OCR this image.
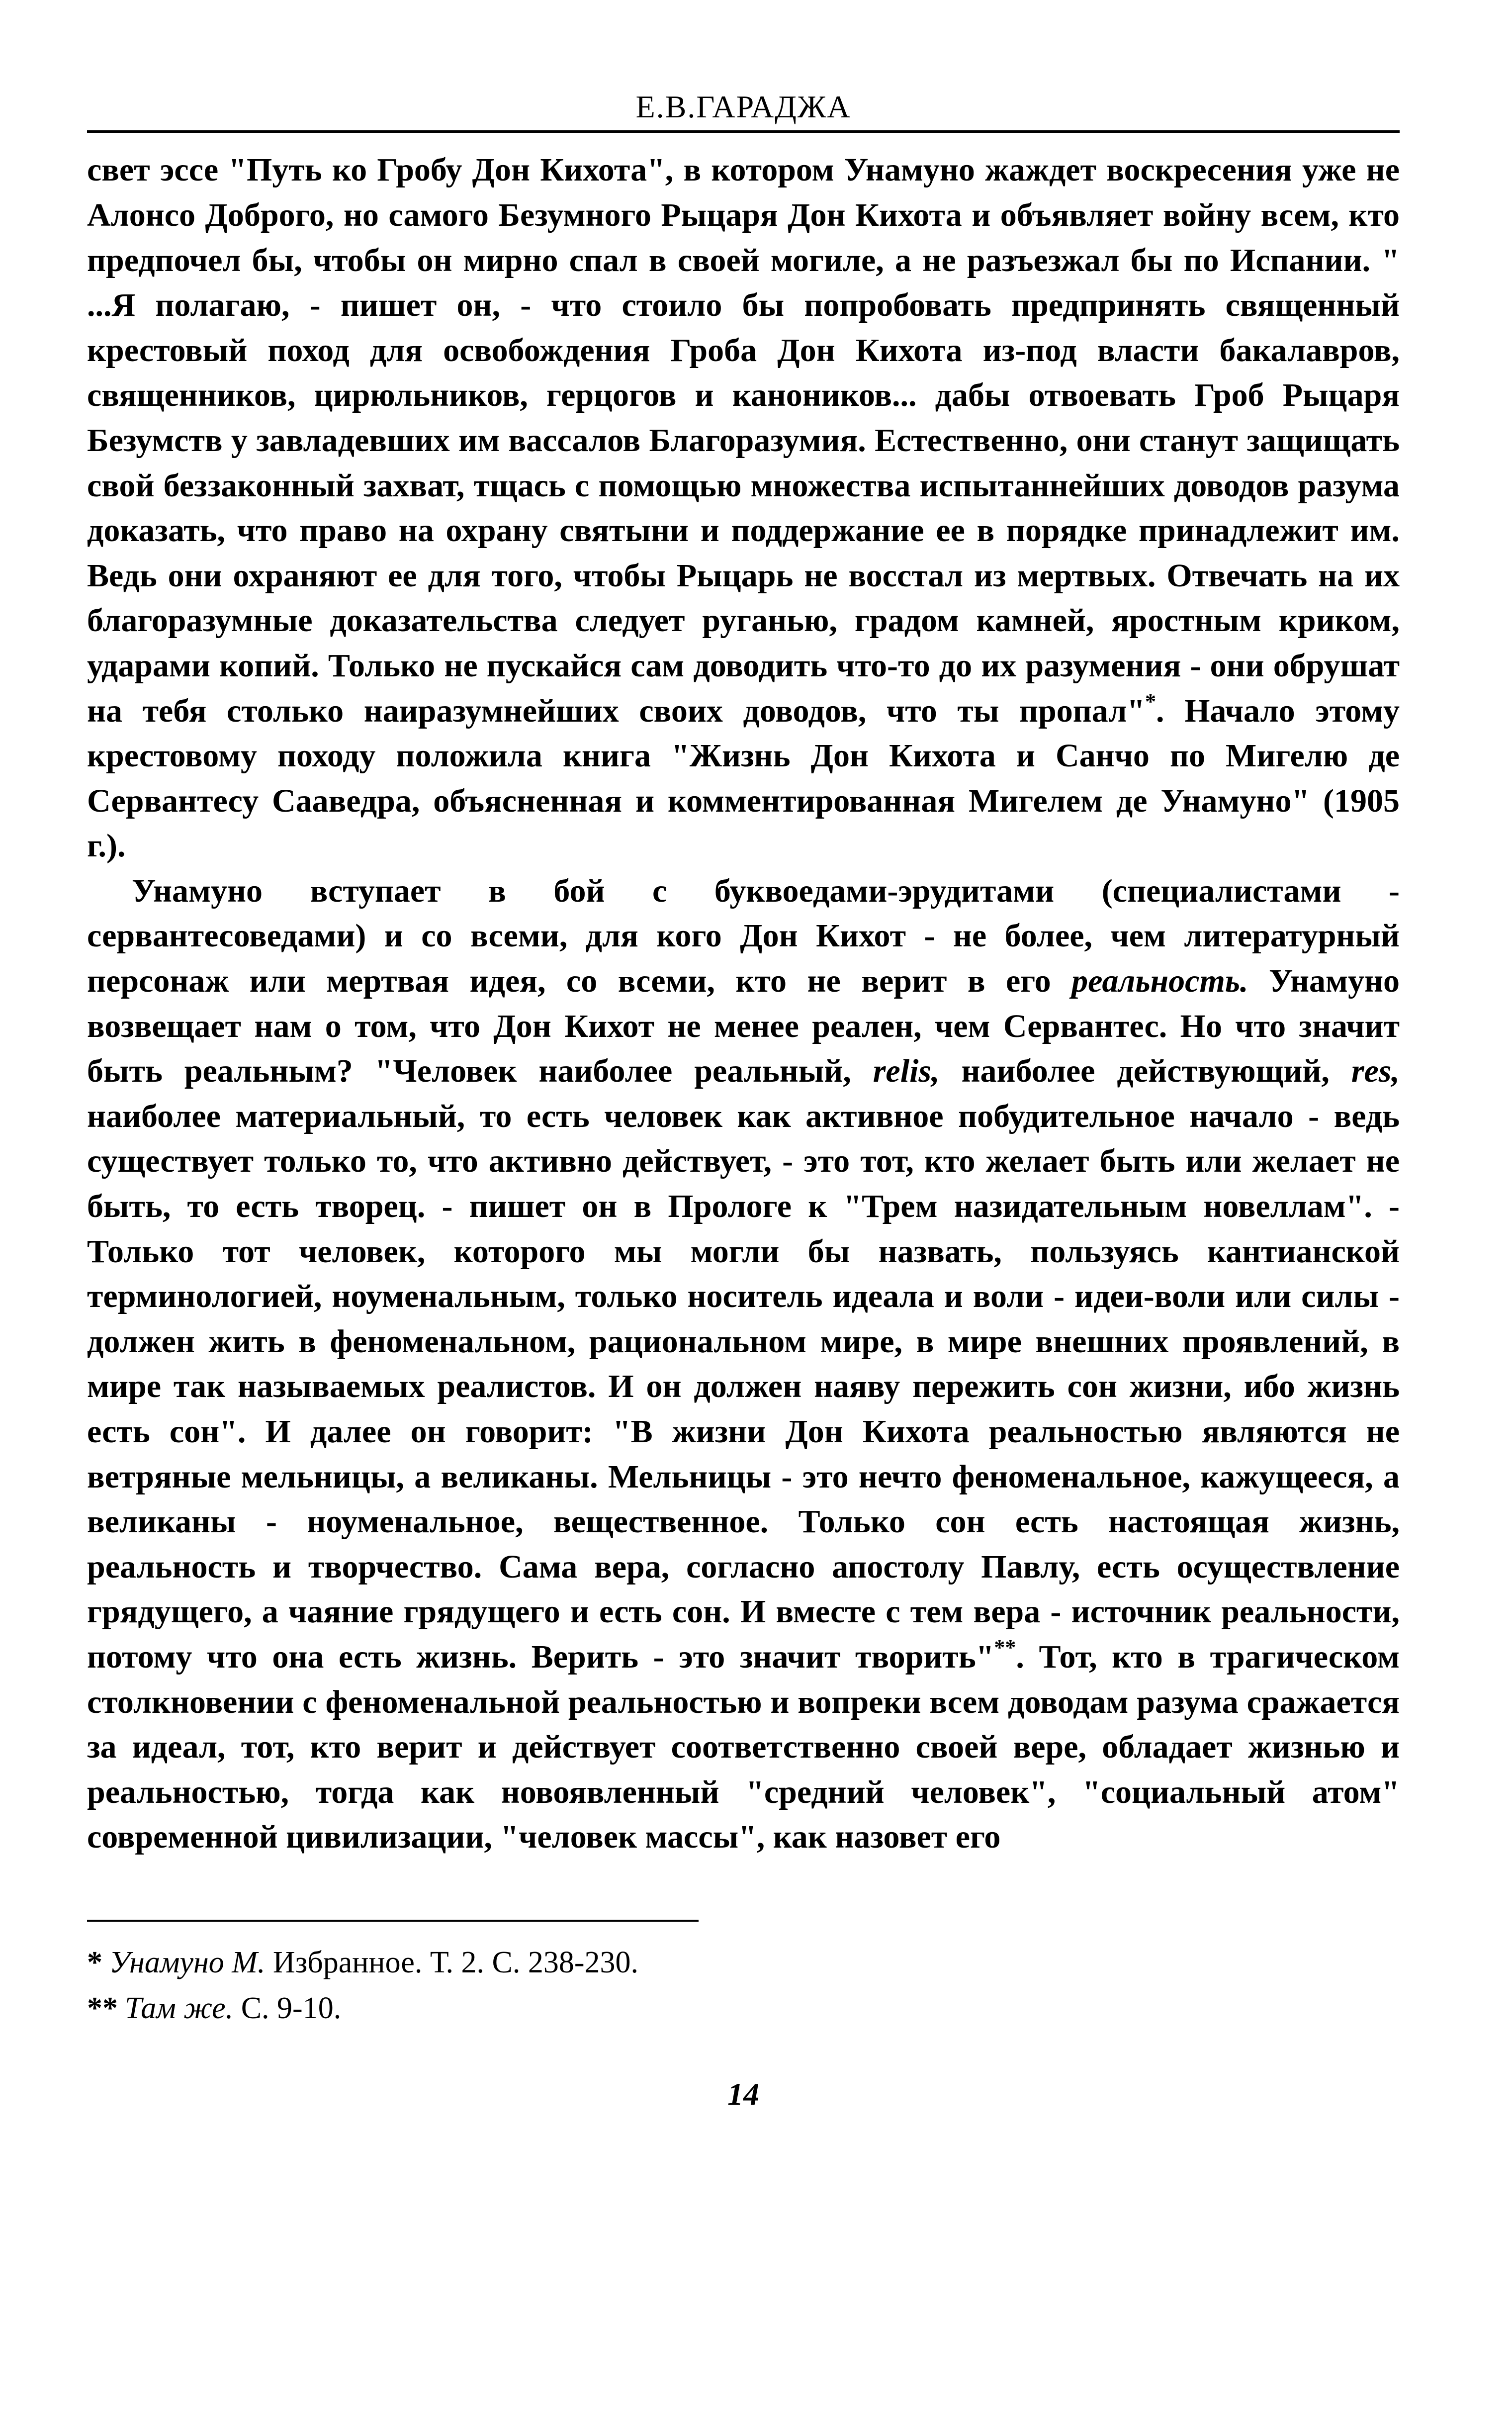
Е.В.ГАРАДЖА

свет эссе "Путь ко Гробу Дон Кихота", в котором Унамуно жаждет воскресения уже не Алонсо Доброго, но самого Безумного Рыцаря Дон Кихота и объявляет войну всем, кто предпочел бы, чтобы он мирно спал в своей могиле, а не разъезжал бы по Испании. " ...Я полагаю, - пишет он, - что стоило бы попробовать предпринять священный крестовый поход для освобождения Гроба Дон Кихота из-под власти бакалавров, священников, цирюльников, герцогов и каноников... дабы отвоевать Гроб Рыцаря Безумств у завладевших им вассалов Благоразумия. Естественно, они станут защищать свой беззаконный захват, тщась с помощью множества испытаннейших доводов разума доказать, что право на охрану святыни и поддержание ее в порядке принадлежит им. Ведь они охраняют ее для того, чтобы Рыцарь не восстал из мертвых. Отвечать на их благоразумные доказательства следует руганью, градом камней, яростным криком, ударами копий. Только не пускайся сам доводить что-то до их разумения - они обрушат на тебя столько наиразумнейших своих доводов, что ты пропал"*. Начало этому крестовому походу положила книга "Жизнь Дон Кихота и Санчо по Мигелю де Сервантесу Сааведра, объясненная и комментированная Мигелем де Унамуно" (1905 г.).

Унамуно вступает в бой с буквоедами-эрудитами (специалистами - сервантесоведами) и со всеми, для кого Дон Кихот - не более, чем литературный персонаж или мертвая идея, со всеми, кто не верит в его реальность. Унамуно возвещает нам о том, что Дон Кихот не менее реален, чем Сервантес. Но что значит быть реальным? "Человек наиболее реальный, relis, наиболее действующий, res, наиболее материальный, то есть человек как активное побудительное начало - ведь существует только то, что активно действует, - это тот, кто желает быть или желает не быть, то есть творец. - пишет он в Прологе к "Трем назидательным новеллам". - Только тот человек, которого мы могли бы назвать, пользуясь кантианской терминологией, ноуменальным, только носитель идеала и воли - идеи-воли или силы - должен жить в феноменальном, рациональном мире, в мире внешних проявлений, в мире так называемых реалистов. И он должен наяву пережить сон жизни, ибо жизнь есть сон". И далее он говорит: "В жизни Дон Кихота реальностью являются не ветряные мельницы, а великаны. Мельницы - это нечто феноменальное, кажущееся, а великаны - ноуменальное, вещественное. Только сон есть настоящая жизнь, реальность и творчество. Сама вера, согласно апостолу Павлу, есть осуществление грядущего, а чаяние грядущего и есть сон. И вместе с тем вера - источник реальности, потому что она есть жизнь. Верить - это значит творить"**. Тот, кто в трагическом столкновении с феноменальной реальностью и вопреки всем доводам разума сражается за идеал, тот, кто верит и действует соответственно своей вере, обладает жизнью и реальностью, тогда как новоявленный "средний человек", "социальный атом" современной цивилизации, "человек массы", как назовет его

* Унамуно М. Избранное. Т. 2. С. 238-230.
** Там же. С. 9-10.
14
